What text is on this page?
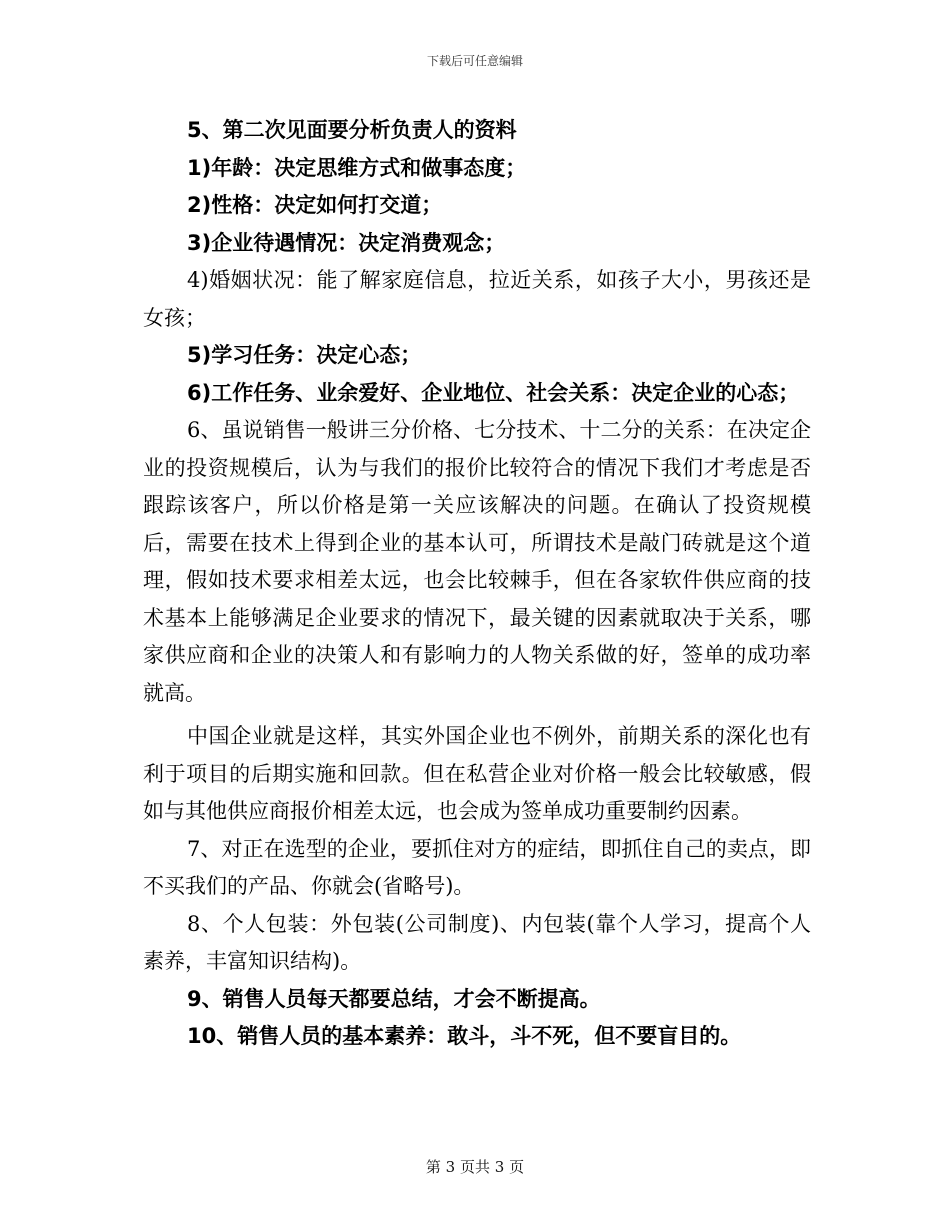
下载后可任意编辑

5、第二次见面要分析负责人的资料

1)年龄：决定思维方式和做事态度；

2)性格：决定如何打交道；

3)企业待遇情况：决定消费观念；

4)婚姻状况：能了解家庭信息，拉近关系，如孩子大小，男孩还是女孩；

5)学习任务：决定心态；

6)工作任务、业余爱好、企业地位、社会关系：决定企业的心态；

6、虽说销售一般讲三分价格、七分技术、十二分的关系：在决定企业的投资规模后，认为与我们的报价比较符合的情况下我们才考虑是否跟踪该客户，所以价格是第一关应该解决的问题。在确认了投资规模后，需要在技术上得到企业的基本认可，所谓技术是敲门砖就是这个道理，假如技术要求相差太远，也会比较棘手，但在各家软件供应商的技术基本上能够满足企业要求的情况下，最关键的因素就取决于关系，哪家供应商和企业的决策人和有影响力的人物关系做的好，签单的成功率就高。

中国企业就是这样，其实外国企业也不例外，前期关系的深化也有利于项目的后期实施和回款。但在私营企业对价格一般会比较敏感，假如与其他供应商报价相差太远，也会成为签单成功重要制约因素。

7、对正在选型的企业，要抓住对方的症结，即抓住自己的卖点，即不买我们的产品、你就会(省略号)。

8、个人包装：外包装(公司制度)、内包装(靠个人学习，提高个人素养，丰富知识结构)。

9、销售人员每天都要总结，才会不断提高。

10、销售人员的基本素养：敢斗，斗不死，但不要盲目的。

第 3 页共 3 页
